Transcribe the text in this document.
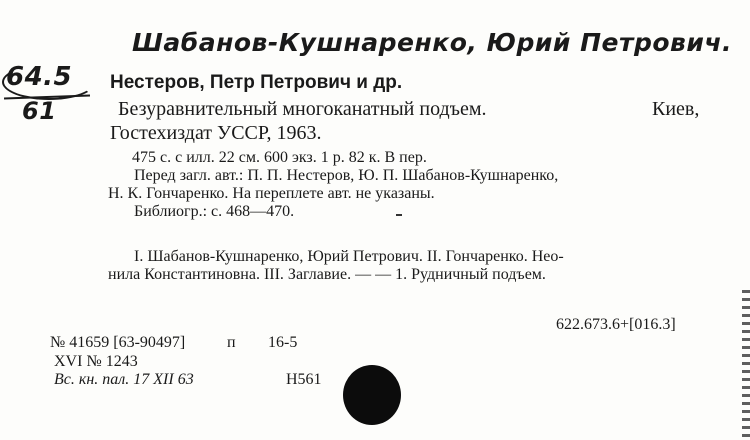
Шабанов-Кушнаренко, Юрий Петрович.
64.5
61
Нестеров, Петр Петрович и др.
Безуравнительный многоканатный подъем.	Киев,
Гостехиздат УССР, 1963.
475 с. с илл. 22 см. 600 экз. 1 р. 82 к. В пер.
Перед загл. авт.: П. П. Нестеров, Ю. П. Шабанов-Кушнаренко,
Н. К. Гончаренко. На переплете авт. не указаны.
Библиогр.: с. 468—470.
I. Шабанов-Кушнаренко, Юрий Петрович. II. Гончаренко. Нео-
нила Константиновна. III. Заглавие. — — 1. Рудничный подъем.
622.673.6+[016.3]
№ 41659 [63-90497]	п 16-5
XVI № 1243
Вс. кн. пал. 17 XII 63	Н561
